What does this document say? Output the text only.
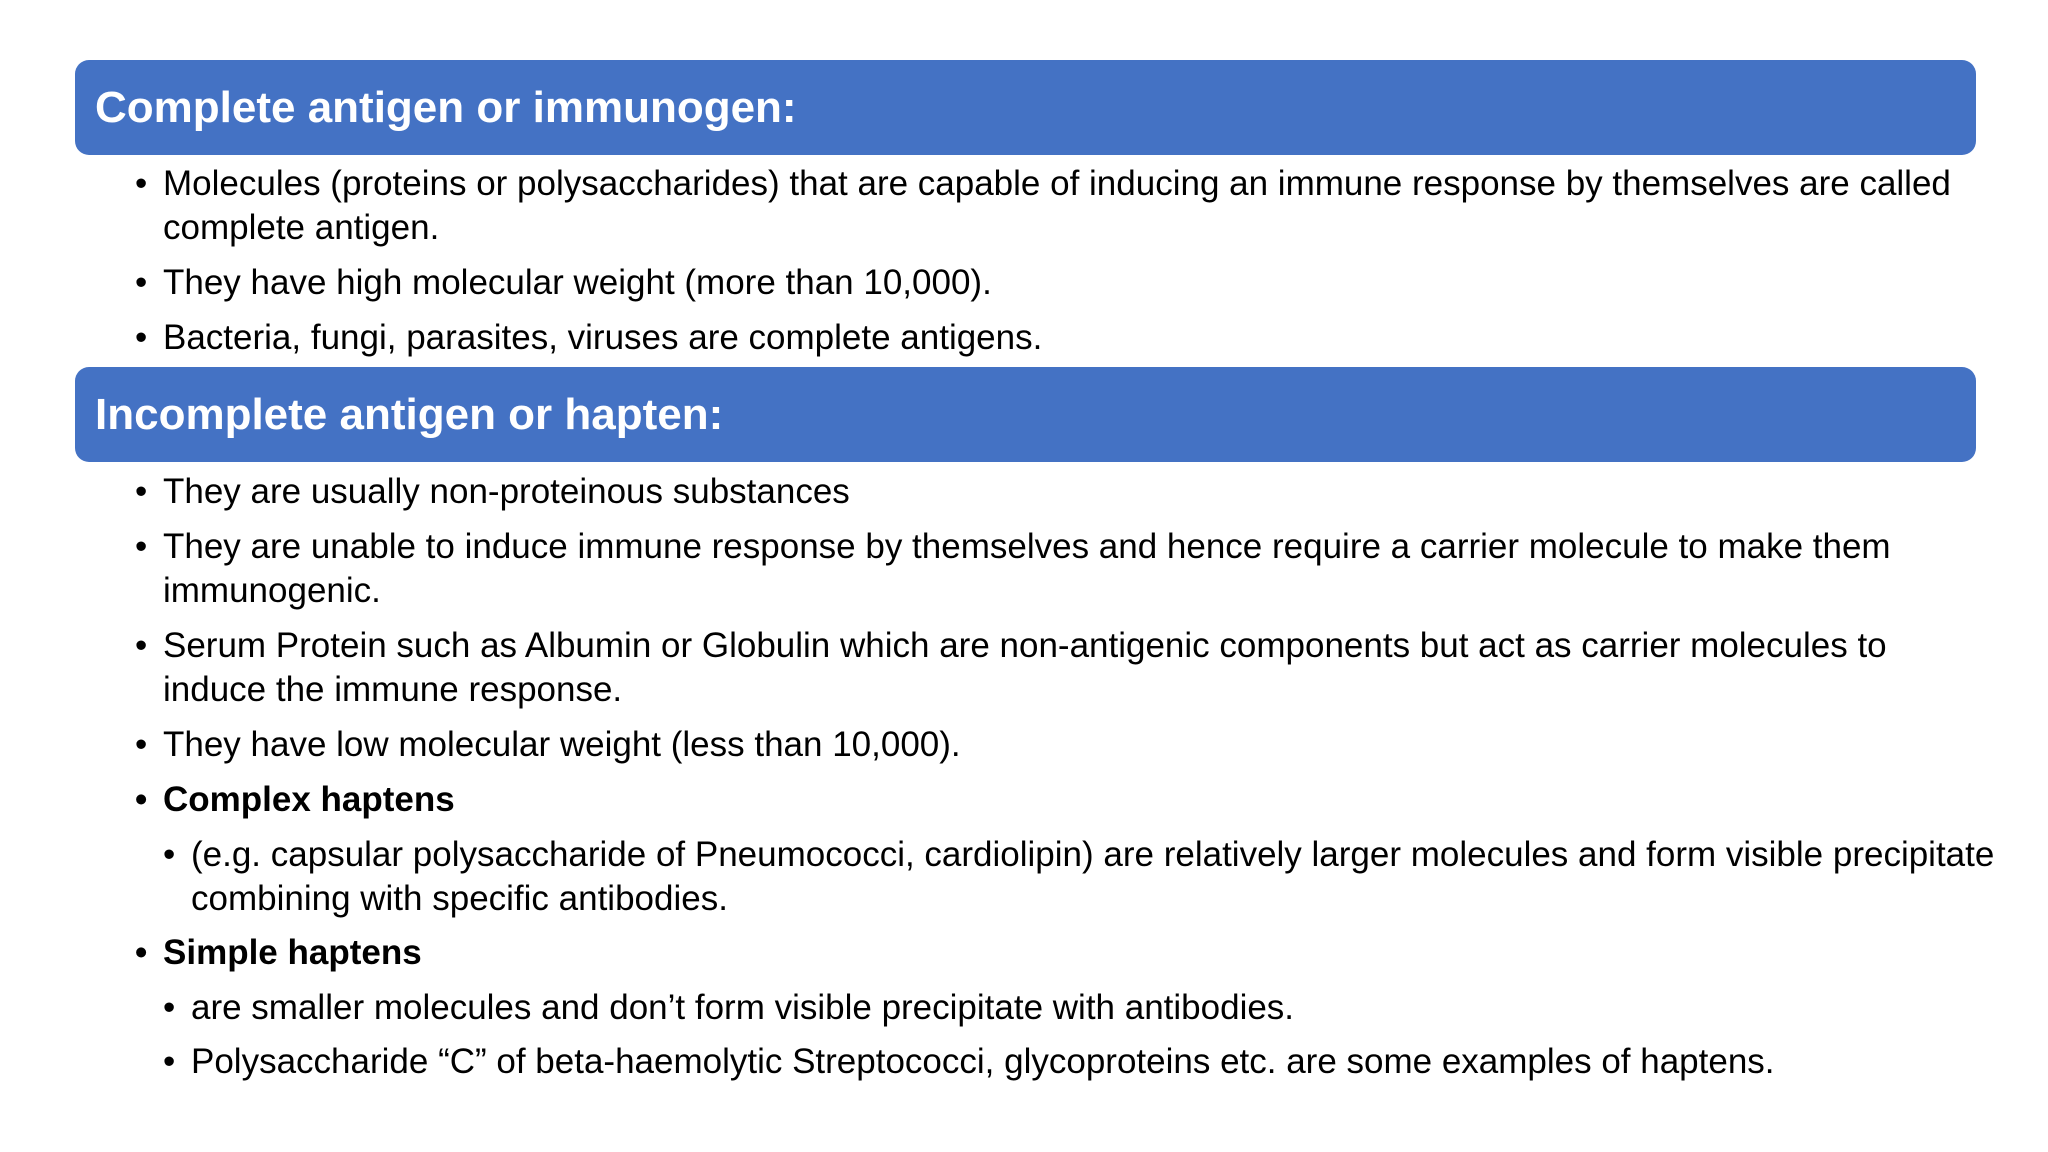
Complete antigen or immunogen:
• Molecules (proteins or polysaccharides) that are capable of inducing an immune response by themselves are called complete antigen.
• They have high molecular weight (more than 10,000).
• Bacteria, fungi, parasites, viruses are complete antigens.
Incomplete antigen or hapten:
• They are usually non-proteinous substances
• They are unable to induce immune response by themselves and hence require a carrier molecule to make them immunogenic.
• Serum Protein such as Albumin or Globulin which are non-antigenic components but act as carrier molecules to induce the immune response.
• They have low molecular weight (less than 10,000).
• Complex haptens
• (e.g. capsular polysaccharide of Pneumococci, cardiolipin) are relatively larger molecules and form visible precipitate combining with specific antibodies.
• Simple haptens
• are smaller molecules and don’t form visible precipitate with antibodies.
• Polysaccharide “C” of beta-haemolytic Streptococci, glycoproteins etc. are some examples of haptens.
